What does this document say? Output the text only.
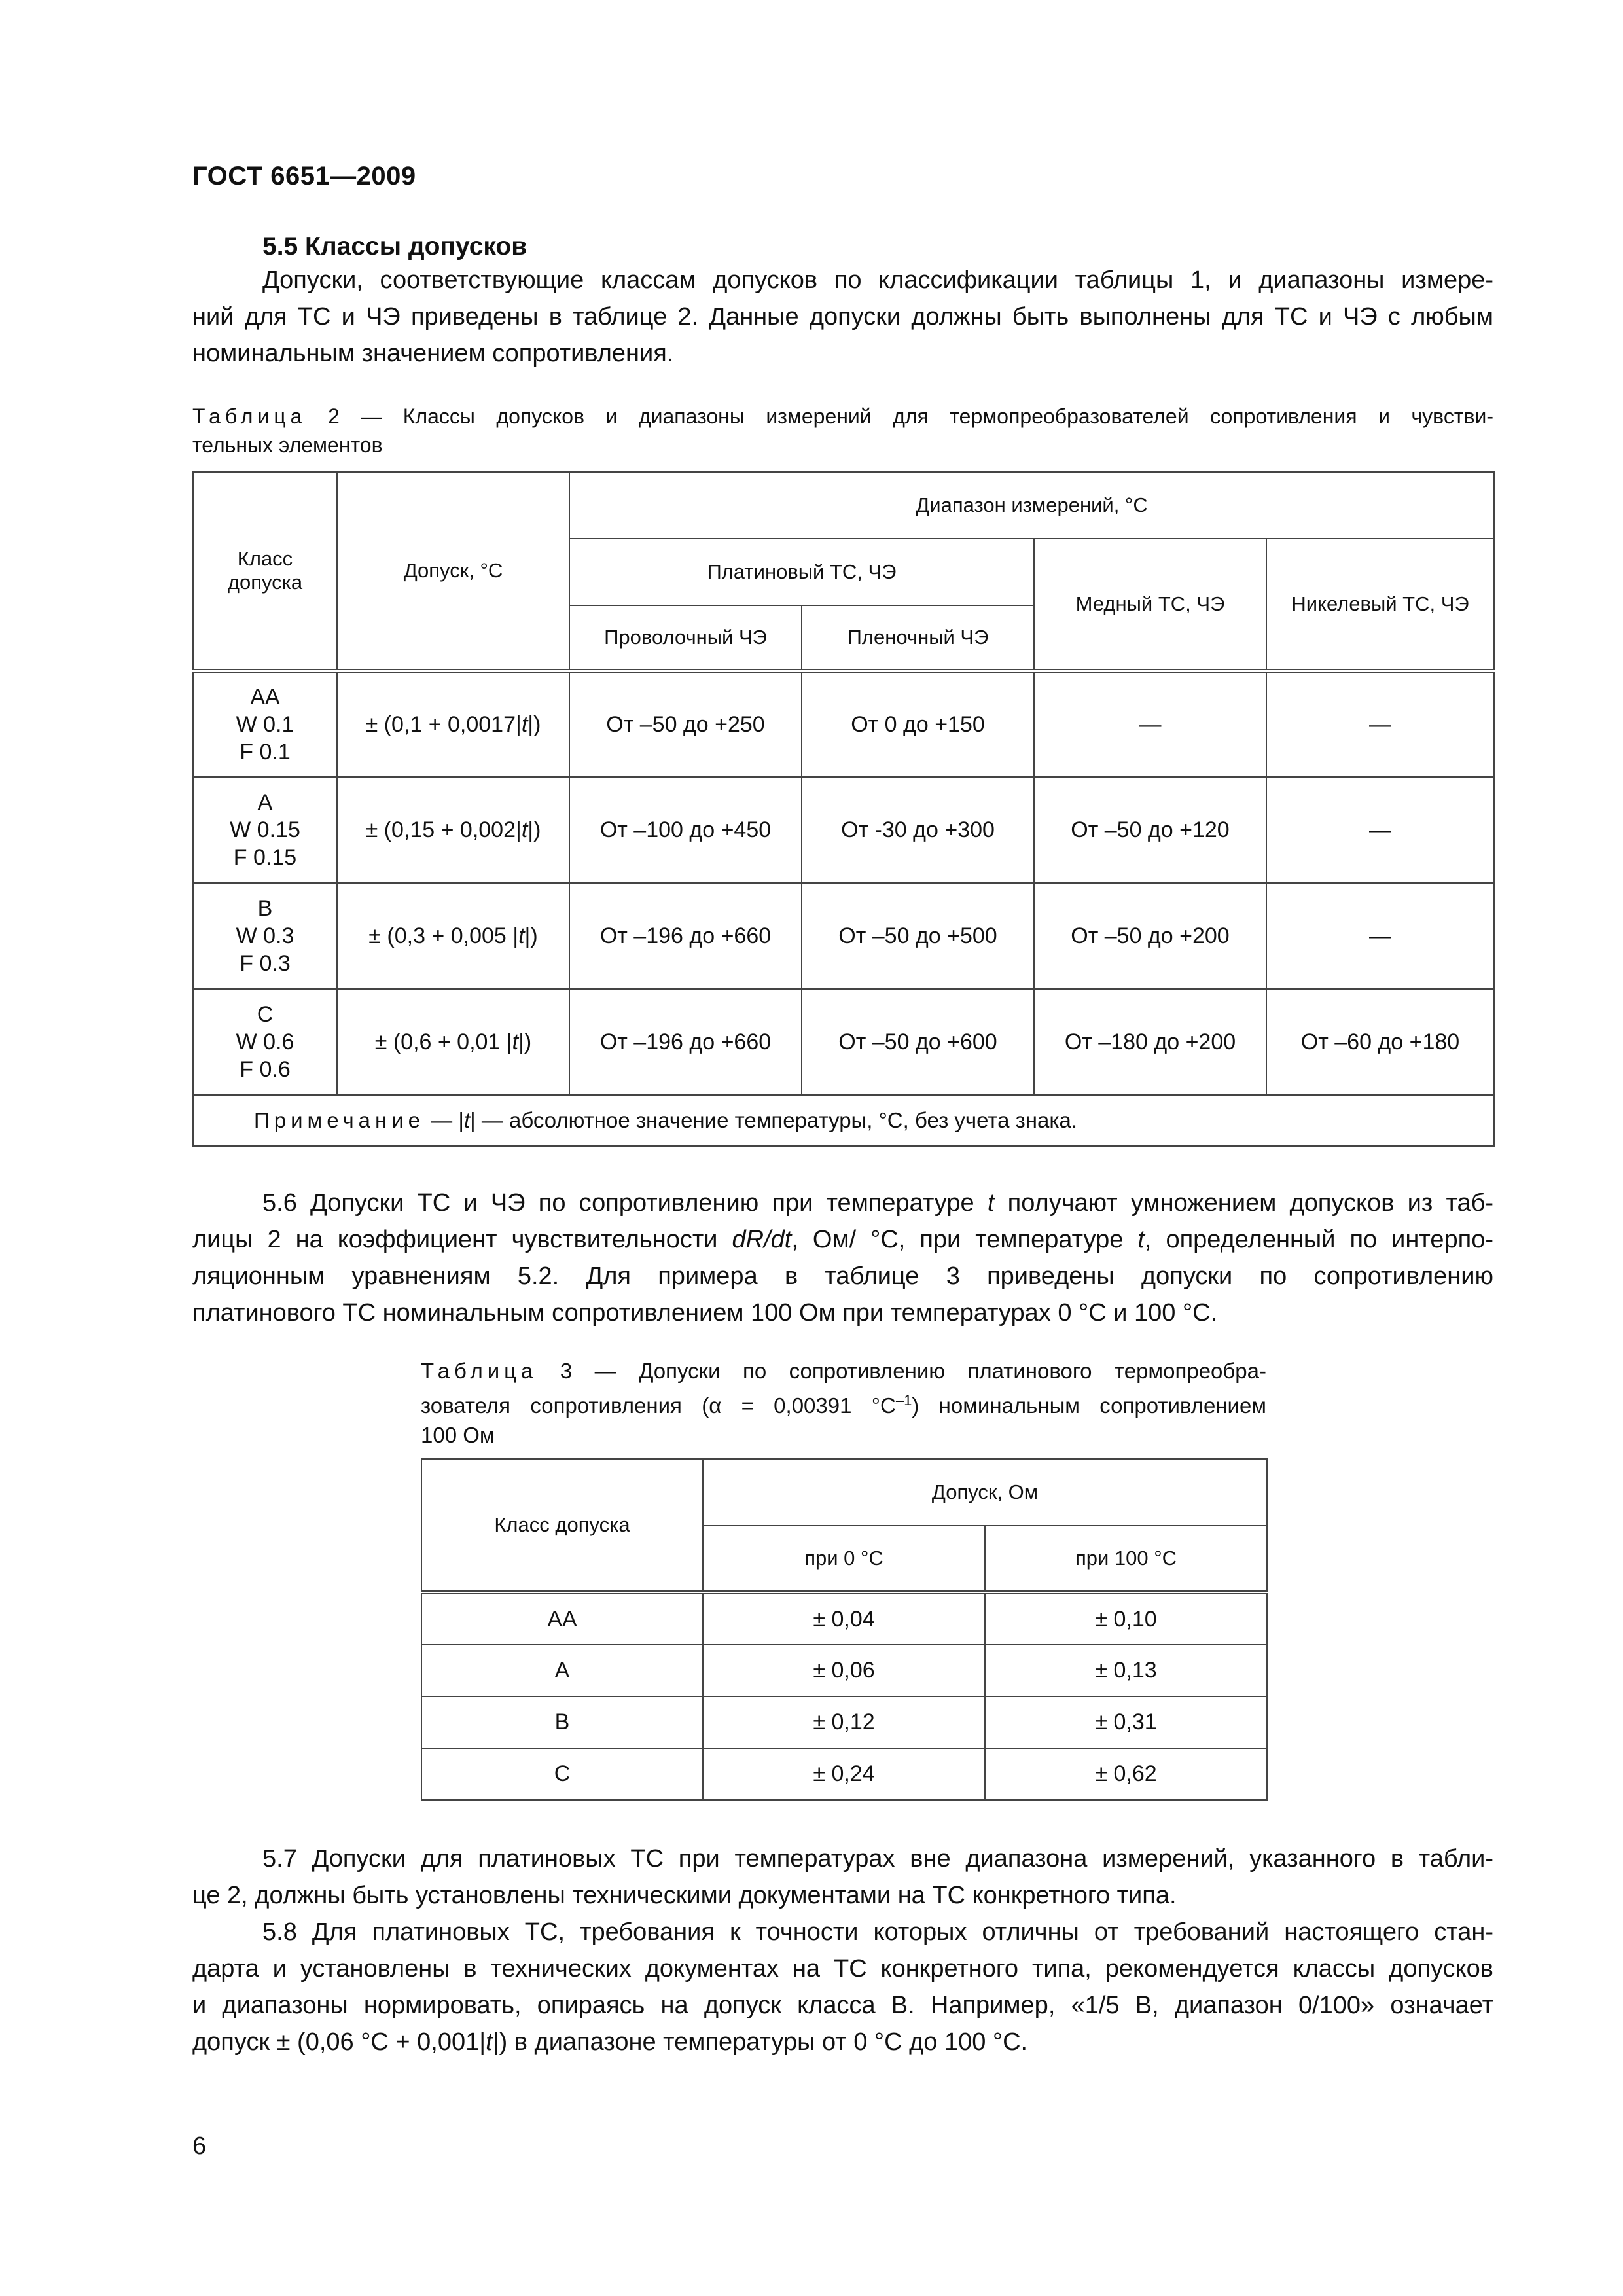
ГОСТ 6651—2009
5.5 Классы допусков
Допуски, соответствующие классам допусков по классификации таблицы 1, и диапазоны измере-
ний для ТС и ЧЭ приведены в таблице 2. Данные допуски должны быть выполнены для ТС и ЧЭ с любым
номинальным значением сопротивления.
Таблица 2 — Классы допусков и диапазоны измерений для термопреобразователей сопротивления и чувстви-
тельных элементов
Класс допуска	Допуск, °С	Диапазон измерений, °С			
		Платиновый ТС, ЧЭ		Медный ТС, ЧЭ	Никелевый ТС, ЧЭ
		Проволочный ЧЭ	Пленочный ЧЭ		
AA
W 0.1
F 0.1	± (0,1 + 0,0017|t|)	От –50 до +250	От 0 до +150	—	—
A
W 0.15
F 0.15	± (0,15 + 0,002|t|)	От –100 до +450	От -30 до +300	От –50 до +120	—
B
W 0.3
F 0.3	± (0,3 + 0,005 |t|)	От –196 до +660	От –50 до +500	От –50 до +200	—
C
W 0.6
F 0.6	± (0,6 + 0,01 |t|)	От –196 до +660	От –50 до +600	От –180 до +200	От –60 до +180
Примечание — |t| — абсолютное значение температуры, °С, без учета знака.					
5.6 Допуски ТС и ЧЭ по сопротивлению при температуре t получают умножением допусков из таб-
лицы 2 на коэффициент чувствительности dR/dt, Ом/ °С, при температуре t, определенный по интерпо-
ляционным уравнениям 5.2. Для примера в таблице 3 приведены допуски по сопротивлению
платинового ТС номинальным сопротивлением 100 Ом при температурах 0 °С и 100 °С.
Таблица 3 — Допуски по сопротивлению платинового термопреобра-
зователя сопротивления (α = 0,00391 $^\circ С^{-1}$) номинальным сопротивлением
100 Ом
Класс допуска	Допуск, Ом	
	при 0 °С	при 100 °С
АА	± 0,04	± 0,10
А	± 0,06	± 0,13
В	± 0,12	± 0,31
С	± 0,24	± 0,62
5.7 Допуски для платиновых ТС при температурах вне диапазона измерений, указанного в табли-
це 2, должны быть установлены техническими документами на ТС конкретного типа.
5.8 Для платиновых ТС, требования к точности которых отличны от требований настоящего стан-
дарта и установлены в технических документах на ТС конкретного типа, рекомендуется классы допусков
и диапазоны нормировать, опираясь на допуск класса В. Например, «1/5 В, диапазон 0/100» означает
допуск ± (0,06 °С + 0,001|t|) в диапазоне температуры от 0 °С до 100 °С.
6
